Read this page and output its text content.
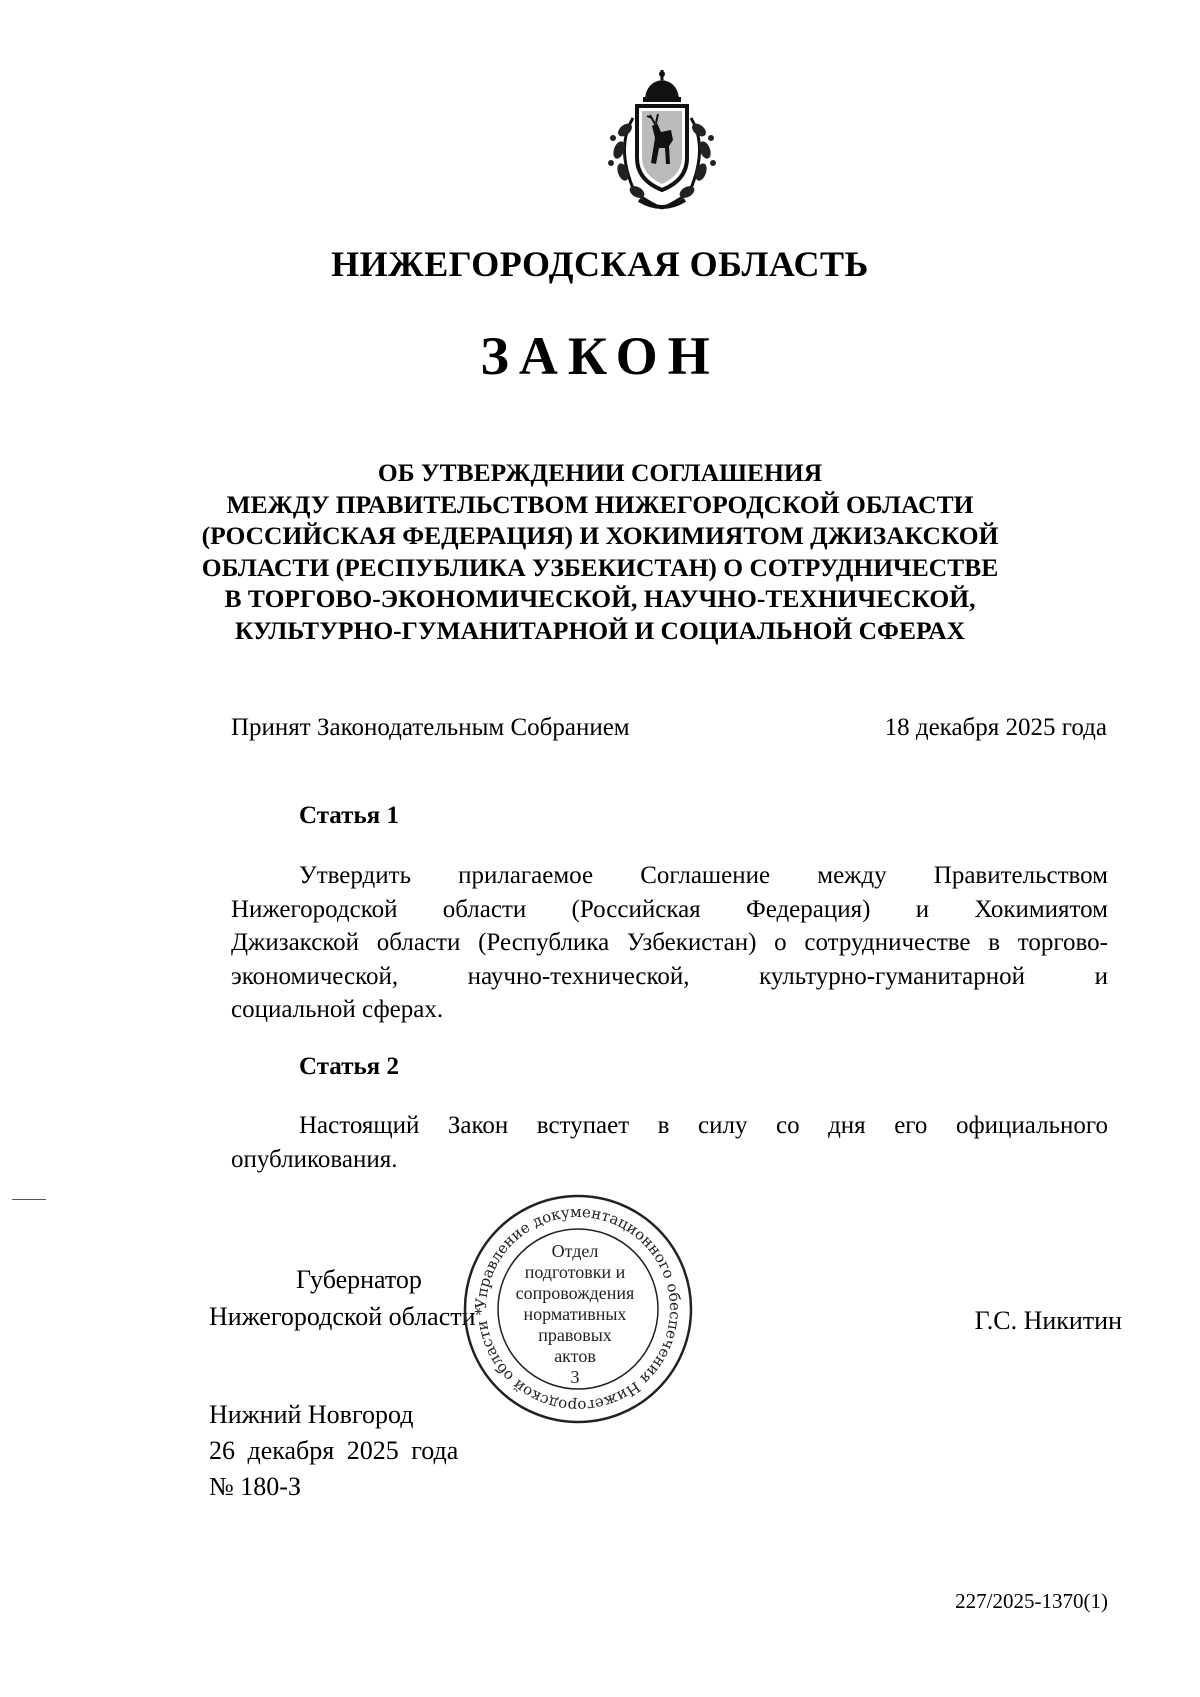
НИЖЕГОРОДСКАЯ ОБЛАСТЬ
ЗАКОН
ОБ УТВЕРЖДЕНИИ СОГЛАШЕНИЯ
МЕЖДУ ПРАВИТЕЛЬСТВОМ НИЖЕГОРОДСКОЙ ОБЛАСТИ
(РОССИЙСКАЯ ФЕДЕРАЦИЯ) И ХОКИМИЯТОМ ДЖИЗАКСКОЙ
ОБЛАСТИ (РЕСПУБЛИКА УЗБЕКИСТАН) О СОТРУДНИЧЕСТВЕ
В ТОРГОВО-ЭКОНОМИЧЕСКОЙ, НАУЧНО-ТЕХНИЧЕСКОЙ,
КУЛЬТУРНО-ГУМАНИТАРНОЙ И СОЦИАЛЬНОЙ СФЕРАХ
Принят Законодательным Собранием	18 декабря 2025 года
Статья 1
Утвердить прилагаемое Соглашение между Правительством
Нижегородской области (Российская Федерация) и Хокимиятом
Джизакской области (Республика Узбекистан) о сотрудничестве в торгово-
экономической, научно-технической, культурно-гуманитарной и
социальной сферах.
Статья 2
Настоящий Закон вступает в силу со дня его официального
опубликования.
Губернатор
Нижегородской области	Г.С. Никитин
Управление документационного обеспечения Нижегородской области *
Отдел
подготовки и
сопровождения
нормативных
правовых
актов
3
Нижний Новгород
26 декабря 2025 года
№ 180-З
227/2025-1370(1)
